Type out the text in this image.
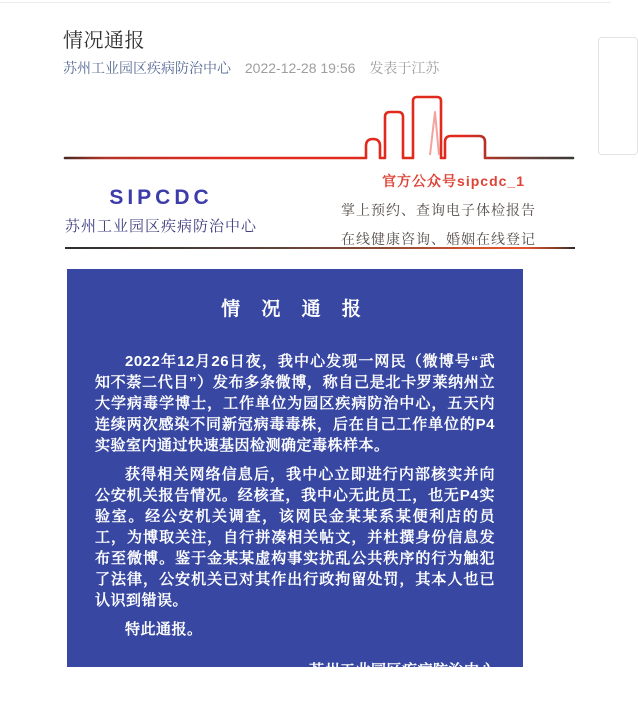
情况通报
苏州工业园区疾病防治中心 2022-12-28 19:56 发表于江苏
SIPCDC
苏州工业园区疾病防治中心
官方公众号sipcdc_1
掌上预约、查询电子体检报告
在线健康咨询、婚姻在线登记
情 况 通 报

2022年12月26日夜，我中心发现一网民（微博号“武知不萘二代目”）发布多条微博，称自己是北卡罗莱纳州立大学病毒学博士，工作单位为园区疾病防治中心，五天内连续两次感染不同新冠病毒毒株，后在自己工作单位的P4实验室内通过快速基因检测确定毒株样本。

获得相关网络信息后，我中心立即进行内部核实并向公安机关报告情况。经核查，我中心无此员工，也无P4实验室。经公安机关调查，该网民金某某系某便利店的员工，为博取关注，自行拼凑相关帖文，并杜撰身份信息发布至微博。鉴于金某某虚构事实扰乱公共秩序的行为触犯了法律，公安机关已对其作出行政拘留处罚，其本人也已认识到错误。

特此通报。

苏州工业园区疾病防治中心
2022年12月28日
